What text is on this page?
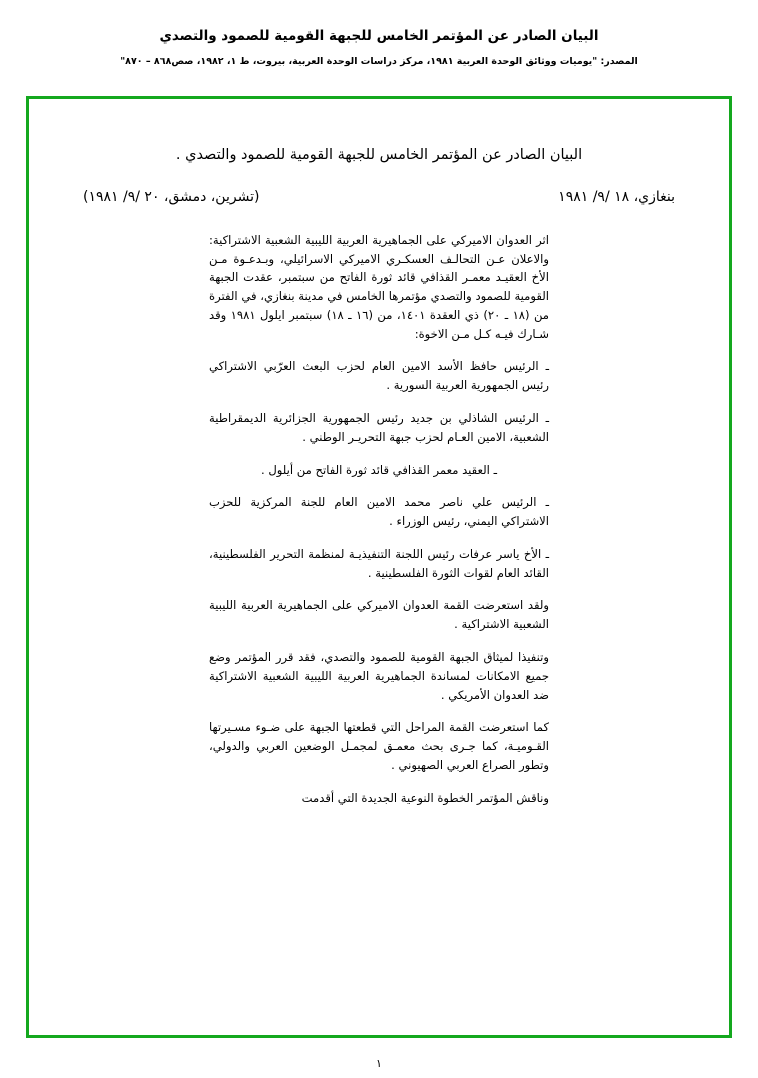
البيان الصادر عن المؤتمر الخامس للجبهة القومية للصمود والتصدي
المصدر: "يوميات ووثائق الوحدة العربية ١٩٨١، مركز دراسات الوحدة العربية، بيروت، ط ١، ١٩٨٢، ص‏ص‏٨٦٨ – ٨٧٠"
البيان الصادر عن المؤتمر الخامس للجبهة القومية للصمود والتصدي .
بنغازي، ١٨ /٩/ ١٩٨١
(تشرين، دمشق، ٢٠ /٩/ ١٩٨١)

اثر العدوان الاميركي على الجماهيرية العربية الليبية الشعبية الاشتراكية: والاعلان عـن التحالـف العسكـري الاميركي الاسرائيلي، وبـدعـوة مـن الأخ العقيـد معمـر القذافي قائد ثورة الفاتح من سبتمبر، عقدت الجبهة القومية للصمود والتصدي مؤتمرها الخامس في مدينة بنغازي، في الفترة من (١٨ ـ ٢٠) ذي العقدة ١٤٠١، من (١٦ ـ ١٨) سبتمبر ايلول ١٩٨١ وقد شـارك فيـه كـل مـن الاخوة:

ـ الرئيس حافظ الأسد الامين العام لحزب البعث العرّبي الاشتراكي رئيس الجمهورية العربية السورية .

ـ الرئيس الشاذلي بن جديد رئيس الجمهورية الجزائرية الديمقراطية الشعبية، الامين العـام لحزب جبهة التحريـر الوطني .

ـ العقيد معمر القذافي قائد ثورة الفاتح من أيلول .

ـ الرئيس علي ناصر محمد الامين العام للجنة المركزية للحزب الاشتراكي اليمني، رئيس الوزراء .

ـ الأخ ياسر عرفات رئيس اللجنة التنفيذيـة لمنظمة التحرير الفلسطينية، القائد العام لقوات الثورة الفلسطينية .

ولقد استعرضت القمة العدوان الاميركي على الجماهيرية العربية الليبية الشعبية الاشتراكية .

وتنفيذا لميثاق الجبهة القومية للصمود والتصدي، فقد قرر المؤتمر وضع جميع الامكانات لمساندة الجماهيرية العربية الليبية الشعبية الاشتراكية ضد العدوان الأمريكي .

كما استعرضت القمة المراحل التي قطعتها الجبهة على ضـوء مسـيرتها القـوميـة، كما جـرى بحث معمـق لمجمـل الوضعين العربي والدولي، وتطور الصراع العربي الصهيوني .

وناقش المؤتمر الخطوة النوعية الجديدة التي أقدمت

١
